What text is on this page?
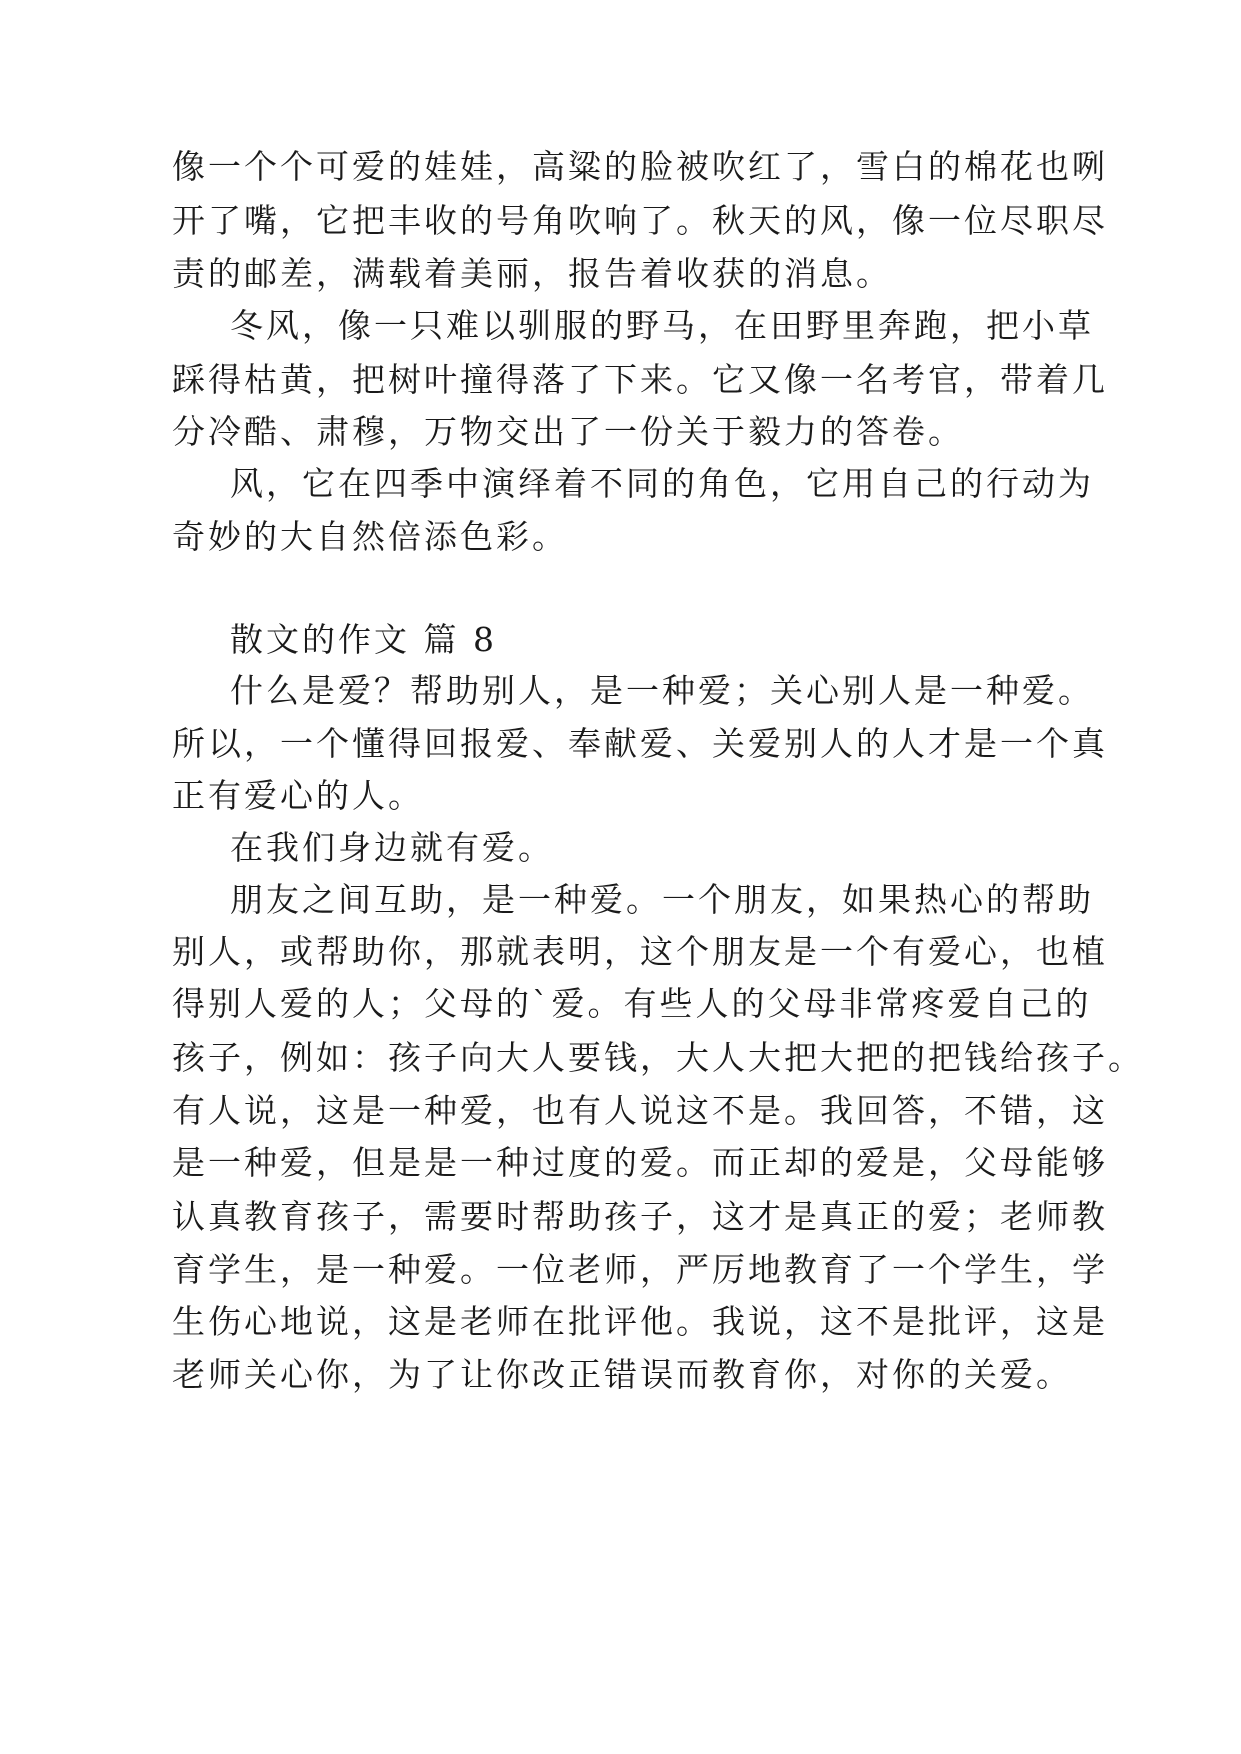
像一个个可爱的娃娃，高粱的脸被吹红了，雪白的棉花也咧
开了嘴，它把丰收的号角吹响了。秋天的风，像一位尽职尽
责的邮差，满载着美丽，报告着收获的消息。
冬风，像一只难以驯服的野马，在田野里奔跑，把小草
踩得枯黄，把树叶撞得落了下来。它又像一名考官，带着几
分冷酷、肃穆，万物交出了一份关于毅力的答卷。
风，它在四季中演绎着不同的角色，它用自己的行动为
奇妙的大自然倍添色彩。
散文的作文 篇 8
什么是爱？帮助别人，是一种爱；关心别人是一种爱。
所以，一个懂得回报爱、奉献爱、关爱别人的人才是一个真
正有爱心的人。
在我们身边就有爱。
朋友之间互助，是一种爱。一个朋友，如果热心的帮助
别人，或帮助你，那就表明，这个朋友是一个有爱心，也植
得别人爱的人；父母的`爱。有些人的父母非常疼爱自己的
孩子，例如：孩子向大人要钱，大人大把大把的把钱给孩子。
有人说，这是一种爱，也有人说这不是。我回答，不错，这
是一种爱，但是是一种过度的爱。而正却的爱是，父母能够
认真教育孩子，需要时帮助孩子，这才是真正的爱；老师教
育学生，是一种爱。一位老师，严厉地教育了一个学生，学
生伤心地说，这是老师在批评他。我说，这不是批评，这是
老师关心你，为了让你改正错误而教育你，对你的关爱。
